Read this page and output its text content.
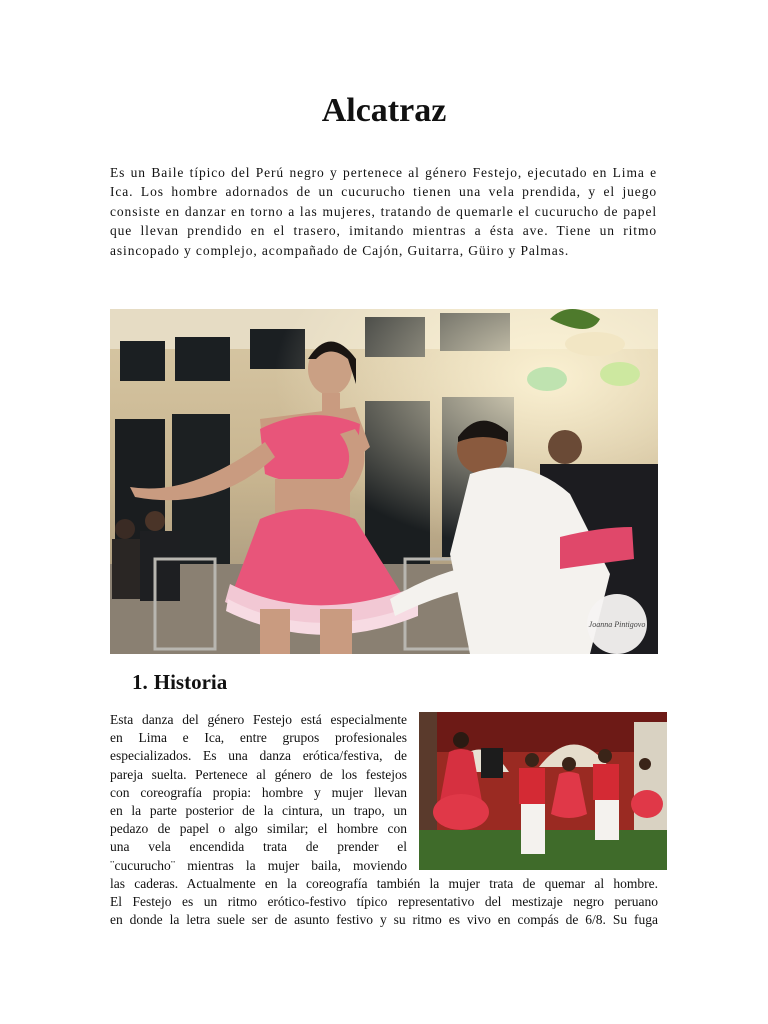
Alcatraz

Es un Baile típico del Perú negro y pertenece al género Festejo, ejecutado en Lima e Ica. Los hombre adornados de un cucurucho tienen una vela prendida, y el juego consiste en danzar en torno a las mujeres, tratando de quemarle el cucurucho de papel que llevan prendido en el trasero, imitando mientras a ésta ave. Tiene un ritmo asincopado y complejo, acompañado de Cajón, Guitarra, Güiro y Palmas.

Joanna Pintigovo
1. Historia
Esta danza del género Festejo está especialmente
en Lima e Ica, entre grupos profesionales
especializados. Es una danza erótica/festiva, de
pareja suelta. Pertenece al género de los festejos
con coreografía propia: hombre y mujer llevan
en la parte posterior de la cintura, un trapo, un
pedazo de papel o algo similar; el hombre con
una vela encendida trata de prender el
¨cucurucho¨ mientras la mujer baila, moviendo
las caderas. Actualmente en la coreografía también la mujer trata de quemar al hombre.
El Festejo es un ritmo erótico-festivo típico representativo del mestizaje negro peruano
en donde la letra suele ser de asunto festivo y su ritmo es vivo en compás de 6/8. Su fuga
